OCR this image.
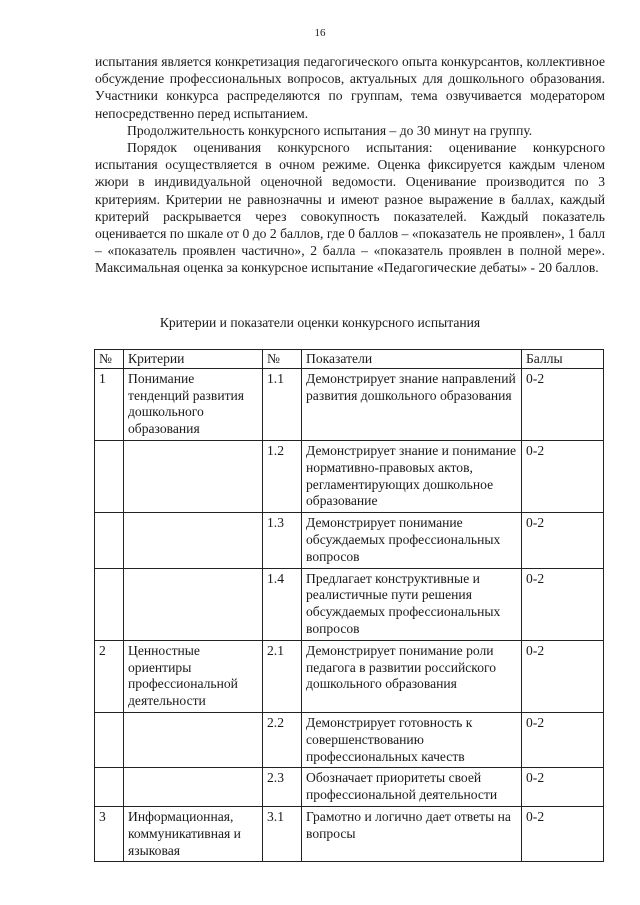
16

испытания является конкретизация педагогического опыта конкурсантов, коллективное обсуждение профессиональных вопросов, актуальных для дошкольного образования. Участники конкурса распределяются по группам, тема озвучивается модератором непосредственно перед испытанием.

Продолжительность конкурсного испытания – до 30 минут на группу.

Порядок оценивания конкурсного испытания: оценивание конкурсного испытания осуществляется в очном режиме. Оценка фиксируется каждым членом жюри в индивидуальной оценочной ведомости. Оценивание производится по 3 критериям. Критерии не равнозначны и имеют разное выражение в баллах, каждый критерий раскрывается через совокупность показателей. Каждый показатель оценивается по шкале от 0 до 2 баллов, где 0 баллов – «показатель не проявлен», 1 балл – «показатель проявлен частично», 2 балла – «показатель проявлен в полной мере». Максимальная оценка за конкурсное испытание «Педагогические дебаты» - 20 баллов.

Критерии и показатели оценки конкурсного испытания
№	Критерии	№	Показатели	Баллы
1	Понимание тенденций развития дошкольного образования	1.1	Демонстрирует знание направлений развития дошкольного образования	0-2
		1.2	Демонстрирует знание и понимание нормативно-правовых актов, регламентирующих дошкольное образование	0-2
		1.3	Демонстрирует понимание обсуждаемых профессиональных вопросов	0-2
		1.4	Предлагает конструктивные и реалистичные пути решения обсуждаемых профессиональных вопросов	0-2
2	Ценностные ориентиры профессиональной деятельности	2.1	Демонстрирует понимание роли педагога в развитии российского дошкольного образования	0-2
		2.2	Демонстрирует готовность к совершенствованию профессиональных качеств	0-2
		2.3	Обозначает приоритеты своей профессиональной деятельности	0-2
3	Информационная, коммуникативная и языковая	3.1	Грамотно и логично дает ответы на вопросы	0-2
